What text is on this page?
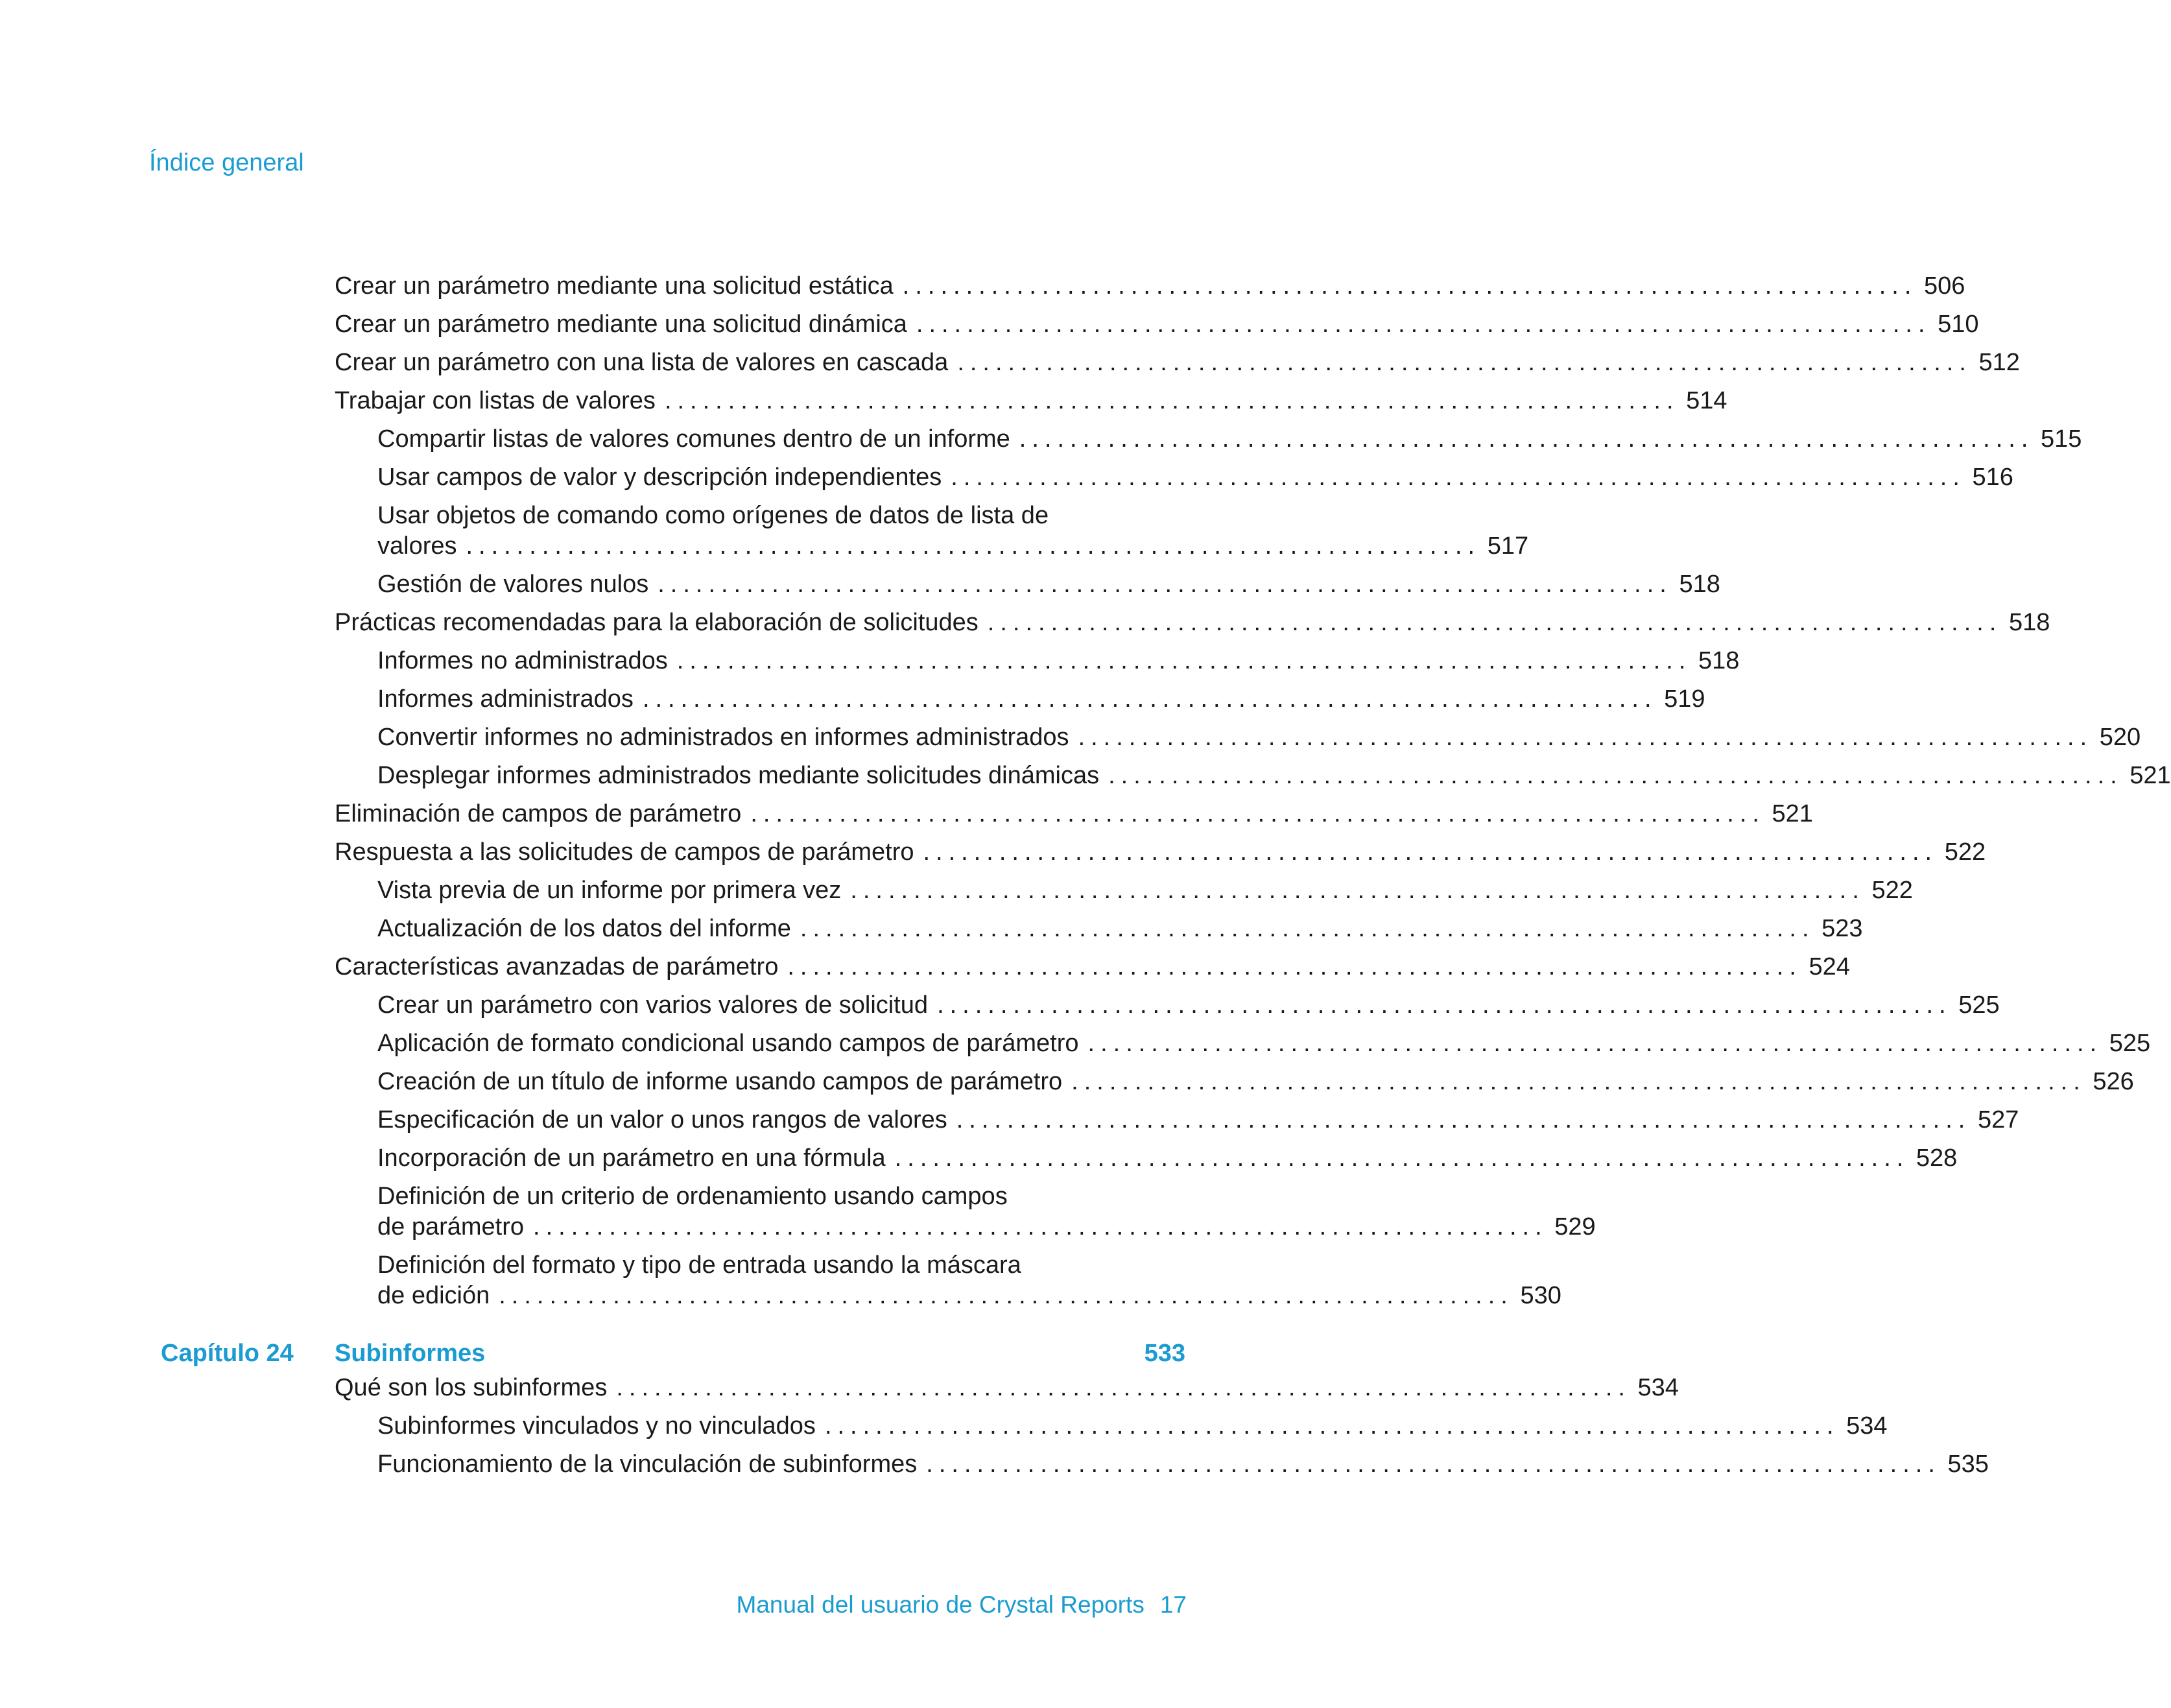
Índice general
Crear un parámetro mediante una solicitud estática ................................................................................ 506
Crear un parámetro mediante una solicitud dinámica ................................................................................ 510
Crear un parámetro con una lista de valores en cascada ................................................................................ 512
Trabajar con listas de valores ................................................................................ 514
Compartir listas de valores comunes dentro de un informe ................................................................................ 515
Usar campos de valor y descripción independientes ................................................................................ 516
Usar objetos de comando como orígenes de datos de lista de
valores ................................................................................ 517
Gestión de valores nulos ................................................................................ 518
Prácticas recomendadas para la elaboración de solicitudes ................................................................................ 518
Informes no administrados ................................................................................ 518
Informes administrados ................................................................................ 519
Convertir informes no administrados en informes administrados ................................................................................ 520
Desplegar informes administrados mediante solicitudes dinámicas ................................................................................ 521
Eliminación de campos de parámetro ................................................................................ 521
Respuesta a las solicitudes de campos de parámetro ................................................................................ 522
Vista previa de un informe por primera vez ................................................................................ 522
Actualización de los datos del informe ................................................................................ 523
Características avanzadas de parámetro ................................................................................ 524
Crear un parámetro con varios valores de solicitud ................................................................................ 525
Aplicación de formato condicional usando campos de parámetro ................................................................................ 525
Creación de un título de informe usando campos de parámetro ................................................................................ 526
Especificación de un valor o unos rangos de valores ................................................................................ 527
Incorporación de un parámetro en una fórmula ................................................................................ 528
Definición de un criterio de ordenamiento usando campos
de parámetro ................................................................................ 529
Definición del formato y tipo de entrada usando la máscara
de edición ................................................................................ 530
Capítulo 24 Subinformes	533
Qué son los subinformes ................................................................................ 534
Subinformes vinculados y no vinculados ................................................................................ 534
Funcionamiento de la vinculación de subinformes ................................................................................ 535
Manual del usuario de Crystal Reports 17
